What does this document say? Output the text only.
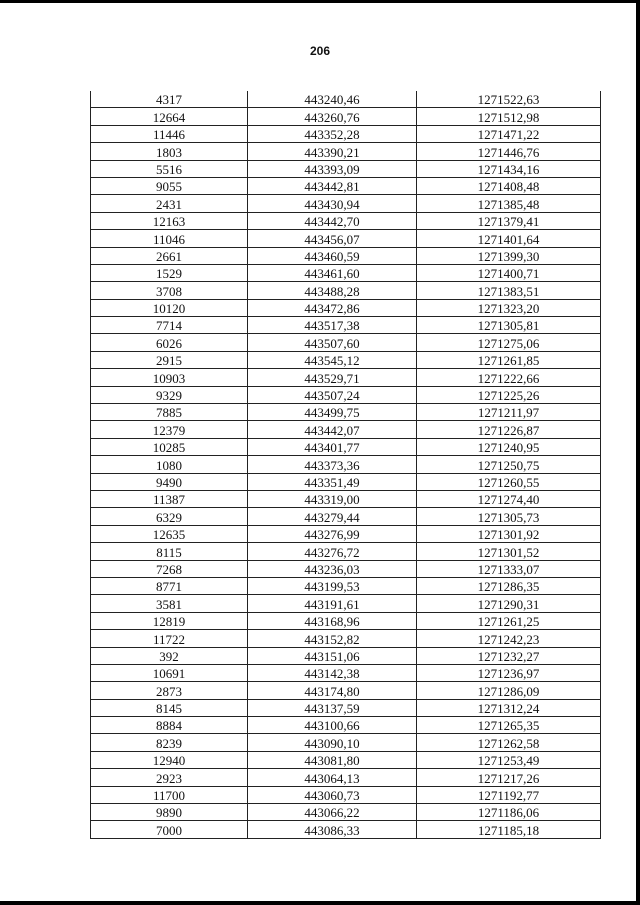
206
4317	443240,46	1271522,63
12664	443260,76	1271512,98
11446	443352,28	1271471,22
1803	443390,21	1271446,76
5516	443393,09	1271434,16
9055	443442,81	1271408,48
2431	443430,94	1271385,48
12163	443442,70	1271379,41
11046	443456,07	1271401,64
2661	443460,59	1271399,30
1529	443461,60	1271400,71
3708	443488,28	1271383,51
10120	443472,86	1271323,20
7714	443517,38	1271305,81
6026	443507,60	1271275,06
2915	443545,12	1271261,85
10903	443529,71	1271222,66
9329	443507,24	1271225,26
7885	443499,75	1271211,97
12379	443442,07	1271226,87
10285	443401,77	1271240,95
1080	443373,36	1271250,75
9490	443351,49	1271260,55
11387	443319,00	1271274,40
6329	443279,44	1271305,73
12635	443276,99	1271301,92
8115	443276,72	1271301,52
7268	443236,03	1271333,07
8771	443199,53	1271286,35
3581	443191,61	1271290,31
12819	443168,96	1271261,25
11722	443152,82	1271242,23
392	443151,06	1271232,27
10691	443142,38	1271236,97
2873	443174,80	1271286,09
8145	443137,59	1271312,24
8884	443100,66	1271265,35
8239	443090,10	1271262,58
12940	443081,80	1271253,49
2923	443064,13	1271217,26
11700	443060,73	1271192,77
9890	443066,22	1271186,06
7000	443086,33	1271185,18
